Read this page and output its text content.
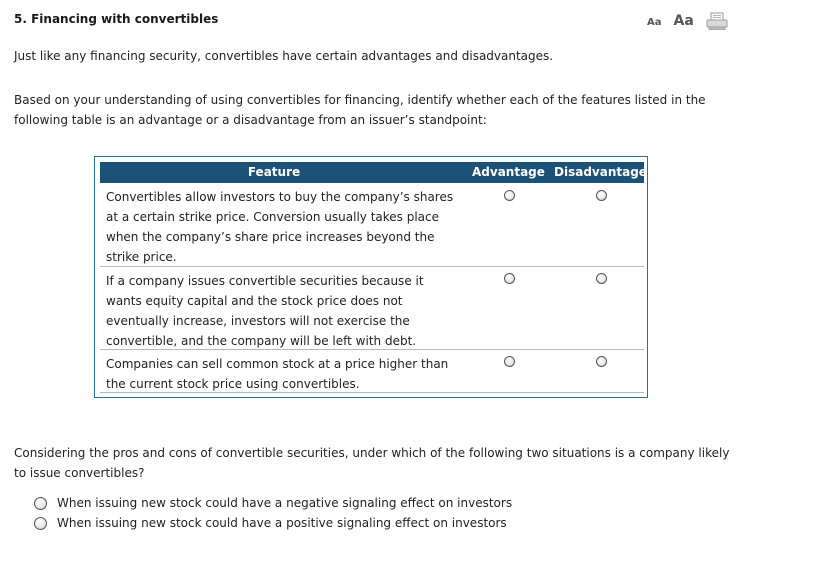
5. Financing with convertibles	Aa Aa
Just like any financing security, convertibles have certain advantages and disadvantages.
Based on your understanding of using convertibles for financing, identify whether each of the features listed in the following table is an advantage or a disadvantage from an issuer’s standpoint:
Feature	Advantage Disadvantage
Convertibles allow investors to buy the company’s shares at a certain strike price. Conversion usually takes place when the company’s share price increases beyond the strike price.
If a company issues convertible securities because it wants equity capital and the stock price does not eventually increase, investors will not exercise the convertible, and the company will be left with debt.
Companies can sell common stock at a price higher than the current stock price using convertibles.
Considering the pros and cons of convertible securities, under which of the following two situations is a company likely to issue convertibles?
When issuing new stock could have a negative signaling effect on investors
When issuing new stock could have a positive signaling effect on investors
